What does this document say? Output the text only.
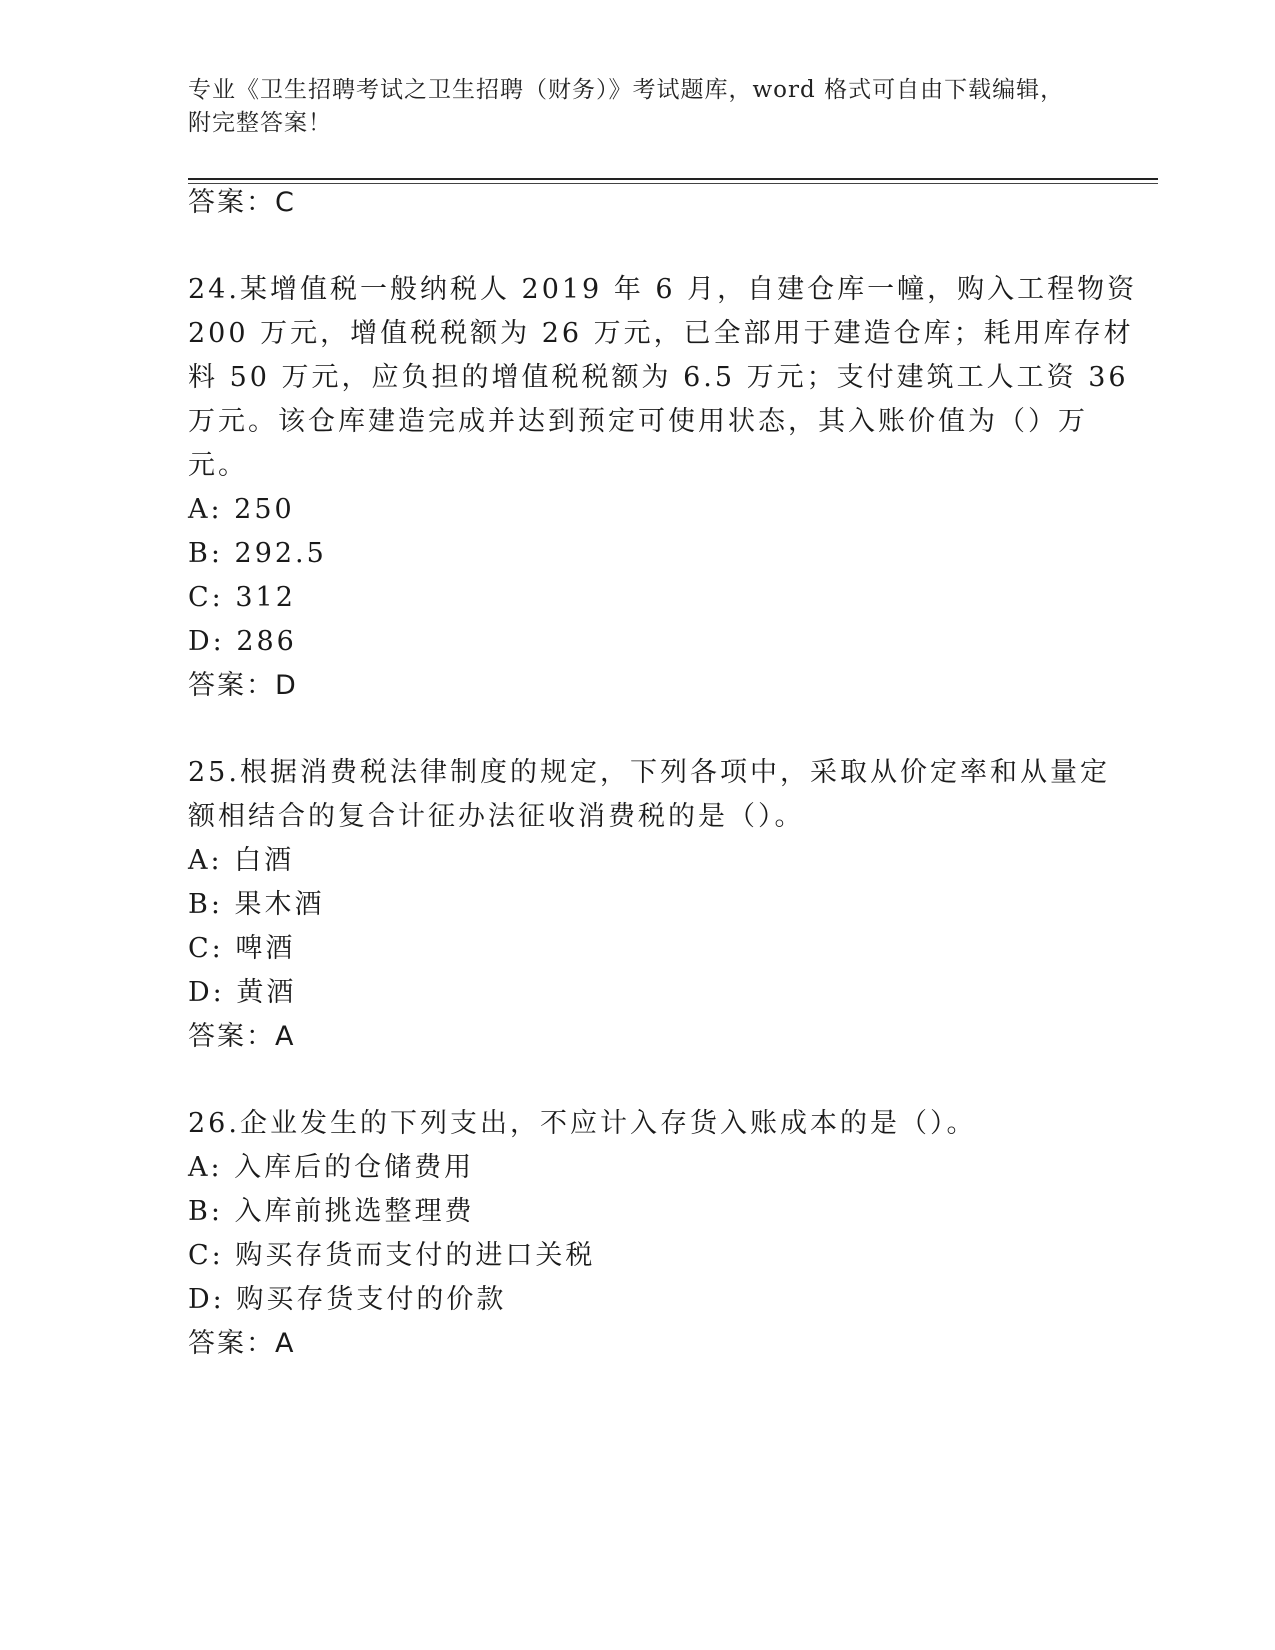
专业《卫生招聘考试之卫生招聘（财务）》考试题库，word 格式可自由下载编辑，附完整答案！
答案：C
24.某增值税一般纳税人 2019 年 6 月，自建仓库一幢，购入工程物资
200 万元，增值税税额为 26 万元，已全部用于建造仓库；耗用库存材
料 50 万元，应负担的增值税税额为 6.5 万元；支付建筑工人工资 36
万元。该仓库建造完成并达到预定可使用状态，其入账价值为（）万
元。
A: 250
B: 292.5
C: 312
D: 286
答案：D
25.根据消费税法律制度的规定，下列各项中，采取从价定率和从量定
额相结合的复合计征办法征收消费税的是（）。
A: 白酒
B: 果木酒
C: 啤酒
D: 黄酒
答案：A
26.企业发生的下列支出，不应计入存货入账成本的是（）。
A: 入库后的仓储费用
B: 入库前挑选整理费
C: 购买存货而支付的进口关税
D: 购买存货支付的价款
答案：A
